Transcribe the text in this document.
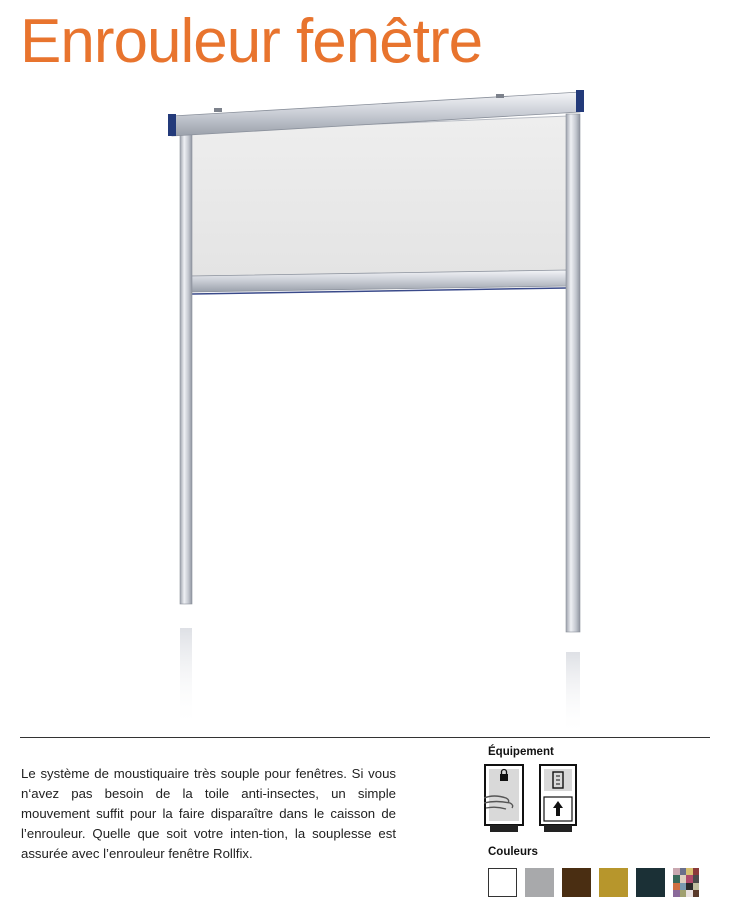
Enrouleur fenêtre
Le système de moustiquaire très souple pour fenêtres. Si vous n‘avez pas besoin de la toile anti-insectes, un simple mouvement suffit pour la faire disparaître dans le caisson de l’enrouleur. Quelle que soit votre inten-tion, la souplesse est assurée avec l’enrouleur fenêtre Rollfix.
Équipement
Couleurs
